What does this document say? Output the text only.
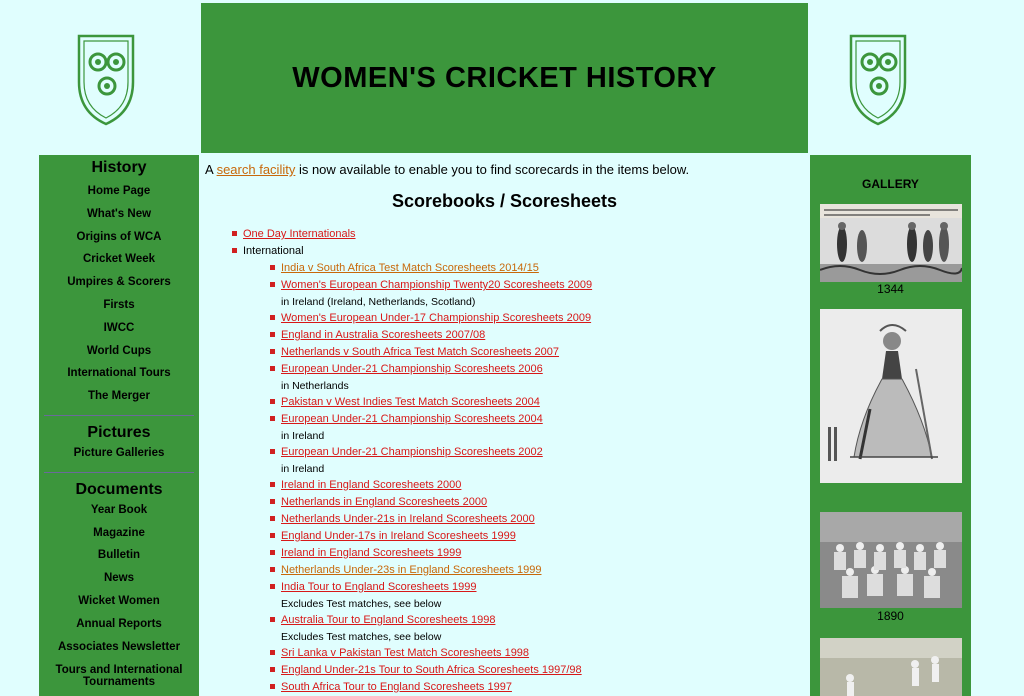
WOMEN'S CRICKET HISTORY
History
Home Page
What's New
Origins of WCA
Cricket Week
Umpires & Scorers
Firsts
IWCC
World Cups
International Tours
The Merger
Pictures
Picture Galleries
Documents
Year Book
Magazine
Bulletin
News
Wicket Women
Annual Reports
Associates Newsletter
Tours and International Tournaments

A search facility is now available to enable you to find scorecards in the items below.

Scorebooks / Scoresheets
One Day Internationals
International
India v South Africa Test Match Scoresheets 2014/15
Women's European Championship Twenty20 Scoresheets 2009
in Ireland (Ireland, Netherlands, Scotland)
Women's European Under-17 Championship Scoresheets 2009
England in Australia Scoresheets 2007/08
Netherlands v South Africa Test Match Scoresheets 2007
European Under-21 Championship Scoresheets 2006
in Netherlands
Pakistan v West Indies Test Match Scoresheets 2004
European Under-21 Championship Scoresheets 2004
in Ireland
European Under-21 Championship Scoresheets 2002
in Ireland
Ireland in England Scoresheets 2000
Netherlands in England Scoresheets 2000
Netherlands Under-21s in Ireland Scoresheets 2000
England Under-17s in Ireland Scoresheets 1999
Ireland in England Scoresheets 1999
Netherlands Under-23s in England Scoresheets 1999
India Tour to England Scoresheets 1999
Excludes Test matches, see below
Australia Tour to England Scoresheets 1998
Excludes Test matches, see below
Sri Lanka v Pakistan Test Match Scoresheets 1998
England Under-21s Tour to South Africa Scoresheets 1997/98
South Africa Tour to England Scoresheets 1997
GALLERY
1344
1890
